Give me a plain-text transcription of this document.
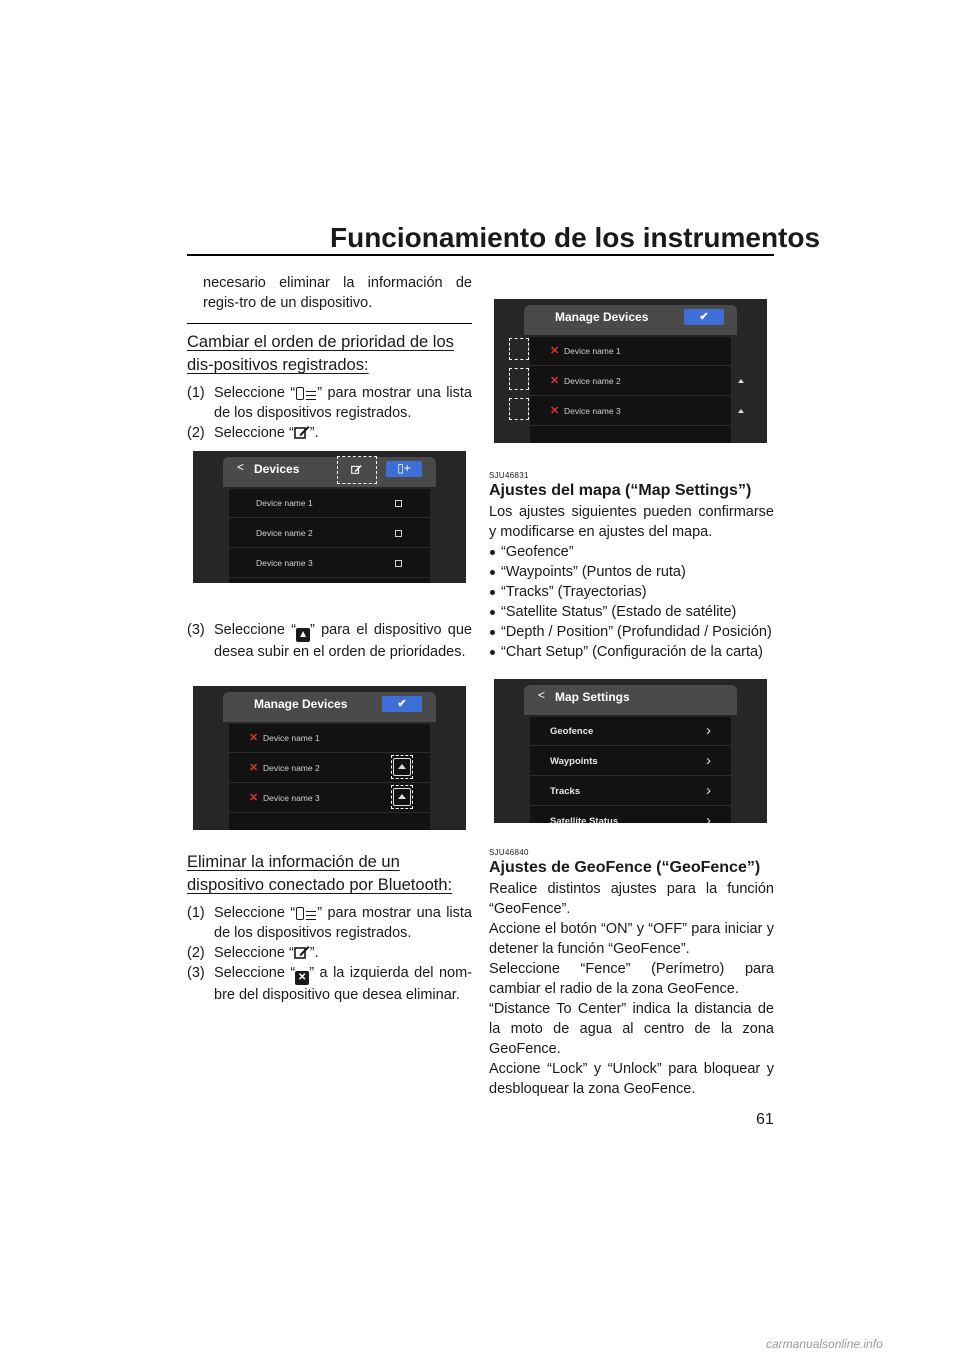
Funcionamiento de los instrumentos

necesario eliminar la información de regis-tro de un dispositivo.

Cambiar el orden de prioridad de los dis-positivos registrados:
(1) Seleccione “ ” para mostrar una lista de los dispositivos registrados.
(2) Seleccione “ ”.
< Devices	▯+
Device name 1
Device name 2
Device name 3
(3) Seleccione “ ▲ ” para el dispositivo que desea subir en el orden de prioridades.
Manage Devices	✔
✕ Device name 1
✕ Device name 2
✕ Device name 3
Eliminar la información de un dispositivo conectado por Bluetooth:
(1) Seleccione “ ” para mostrar una lista de los dispositivos registrados.
(2) Seleccione “ ”.
(3) Seleccione “ ✕ ” a la izquierda del nom-bre del dispositivo que desea eliminar.
Manage Devices	✔
✕ Device name 1
✕ Device name 2
✕ Device name 3
SJU46831
Ajustes del mapa (“Map Settings”)

Los ajustes siguientes pueden confirmarse y modificarse en ajustes del mapa.

“Geofence”
“Waypoints” (Puntos de ruta)
“Tracks” (Trayectorias)
“Satellite Status” (Estado de satélite)
“Depth / Position” (Profundidad / Posición)
“Chart Setup” (Configuración de la carta)
< Map Settings
Geofence	›
Waypoints	›
Tracks	›
Satellite Status	›
SJU46840
Ajustes de GeoFence (“GeoFence”)

Realice distintos ajustes para la función “GeoFence”.

Accione el botón “ON” y “OFF” para iniciar y detener la función “GeoFence”.

Seleccione “Fence” (Perímetro) para cambiar el radio de la zona GeoFence.

“Distance To Center” indica la distancia de la moto de agua al centro de la zona GeoFence.

Accione “Lock” y “Unlock” para bloquear y desbloquear la zona GeoFence.

61
carmanualsonline.info
